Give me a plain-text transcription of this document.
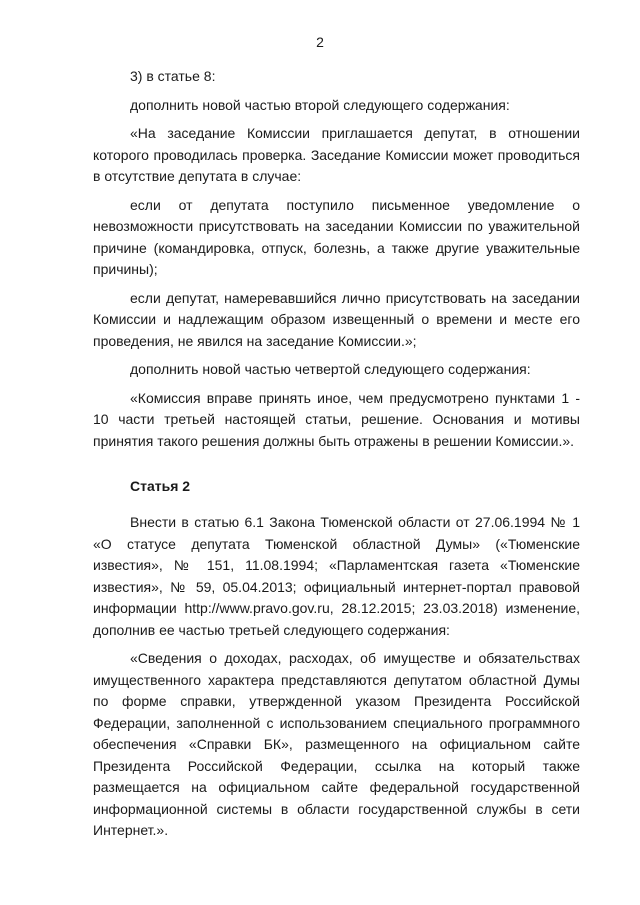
2

3) в статье 8:

дополнить новой частью второй следующего содержания:

«На заседание Комиссии приглашается депутат, в отношении которого проводилась проверка. Заседание Комиссии может проводиться в отсутствие депутата в случае:

если от депутата поступило письменное уведомление о невозможности присутствовать на заседании Комиссии по уважительной причине (командировка, отпуск, болезнь, а также другие уважительные причины);

если депутат, намеревавшийся лично присутствовать на заседании Комиссии и надлежащим образом извещенный о времени и месте его проведения, не явился на заседание Комиссии.»;

дополнить новой частью четвертой следующего содержания:

«Комиссия вправе принять иное, чем предусмотрено пунктами 1 - 10 части третьей настоящей статьи, решение. Основания и мотивы принятия такого решения должны быть отражены в решении Комиссии.».

Статья 2

Внести в статью 6.1 Закона Тюменской области от 27.06.1994 № 1 «О статусе депутата Тюменской областной Думы» («Тюменские известия», № 151, 11.08.1994; «Парламентская газета «Тюменские известия», № 59, 05.04.2013; официальный интернет-портал правовой информации http://www.pravo.gov.ru, 28.12.2015; 23.03.2018) изменение, дополнив ее частью третьей следующего содержания:

«Сведения о доходах, расходах, об имуществе и обязательствах имущественного характера представляются депутатом областной Думы по форме справки, утвержденной указом Президента Российской Федерации, заполненной с использованием специального программного обеспечения «Справки БК», размещенного на официальном сайте Президента Российской Федерации, ссылка на который также размещается на официальном сайте федеральной государственной информационной системы в области государственной службы в сети Интернет.».
